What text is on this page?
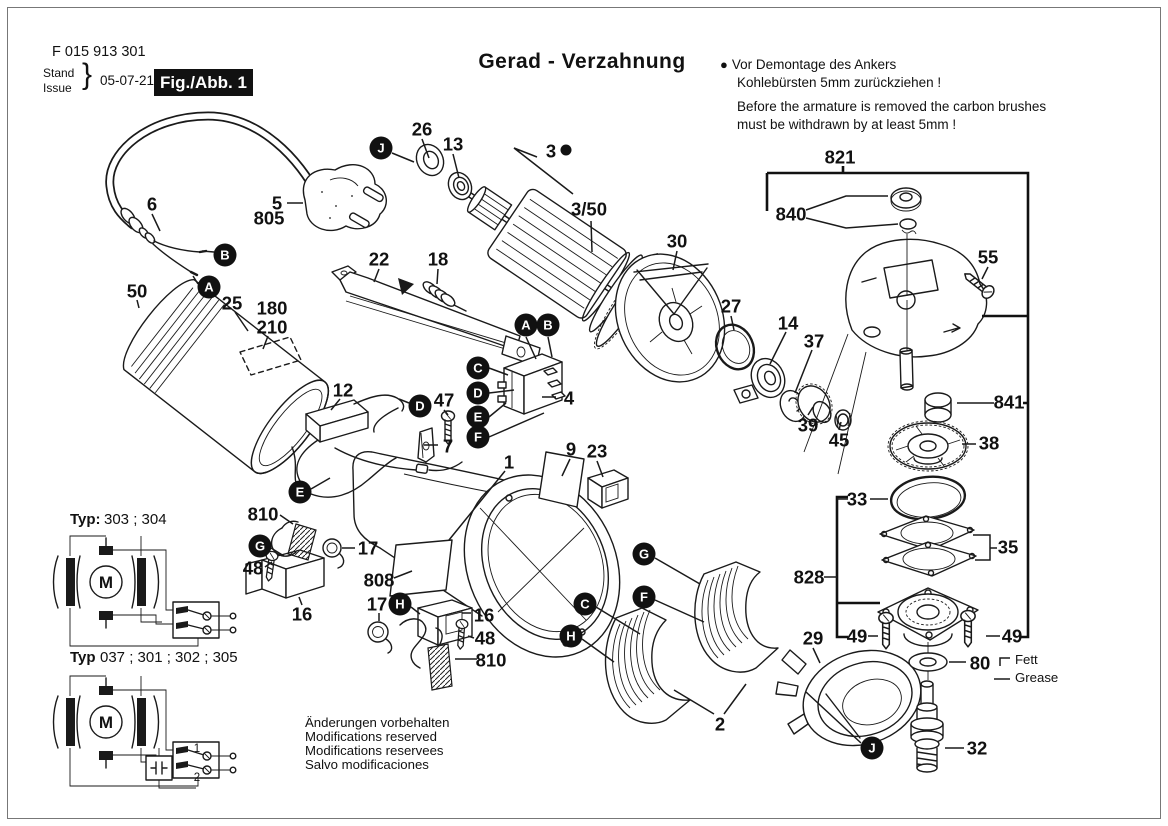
F 015 913 301
Stand
Issue } 05-07-21 Fig./Abb. 1
Gerad - Verzahnung	● Vor Demontage des Ankers
Kohlebürsten 5mm zurückziehen !
Before the armature is removed the carbon brushes
must be withdrawn by at least 5mm !
M
1
2
Typ: 303 ; 304
Typ 037 ; 301 ; 302 ; 305
Änderungen vorbehalten
Modifications reserved
Modifications reservees
Salvo modificaciones
Fett
Grease
26
13	3
3/50
30
821
840
55
6	5
805
50
25 180
210
22 18
27
14
37
39
45
841
38
4
12	47
7	9 23
1
33
35
828
810
17
48
16
808
17
16
48
810
49	49
80
29
2
32
J
B
A
A B
C
D
E
F
D
E
G
G
F
C
H
H
J
